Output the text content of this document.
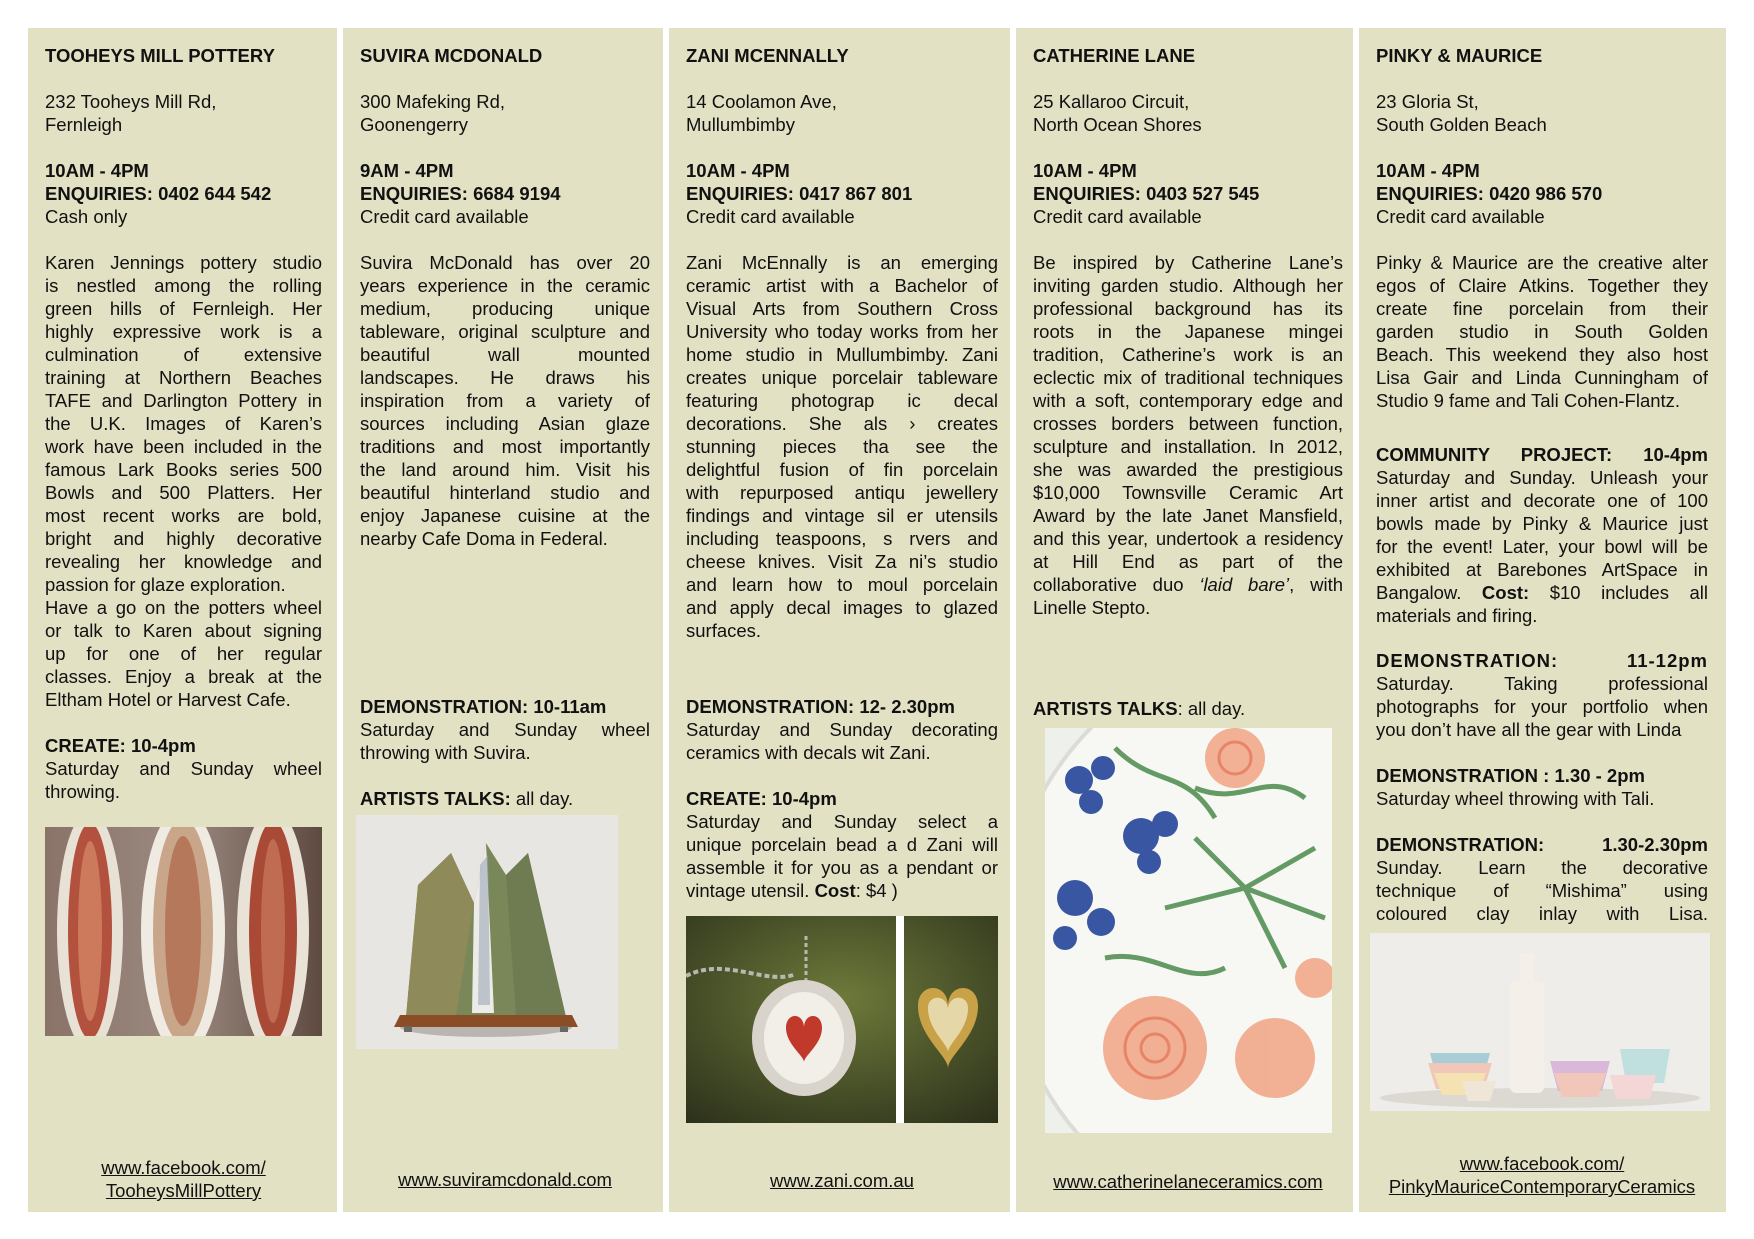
TOOHEYS MILL POTTERY
232 Tooheys Mill Rd,
Fernleigh
10AM - 4PM
ENQUIRIES: 0402 644 542
Cash only
Karen Jennings pottery studio
is nestled among the rolling
green hills of Fernleigh. Her
highly expressive work is a
culmination of extensive
training at Northern Beaches
TAFE and Darlington Pottery in
the U.K. Images of Karen’s
work have been included in the
famous Lark Books series 500
Bowls and 500 Platters. Her
most recent works are bold,
bright and highly decorative
revealing her knowledge and
passion for glaze exploration.
Have a go on the potters wheel
or talk to Karen about signing
up for one of her regular
classes. Enjoy a break at the
Eltham Hotel or Harvest Cafe.
CREATE: 10-4pm
Saturday and Sunday wheel
throwing.
www.facebook.com/
TooheysMillPottery
SUVIRA MCDONALD
300 Mafeking Rd,
Goonengerry
9AM - 4PM
ENQUIRIES: 6684 9194
Credit card available
Suvira McDonald has over 20
years experience in the ceramic
medium, producing unique
tableware, original sculpture and
beautiful wall mounted
landscapes. He draws his
inspiration from a variety of
sources including Asian glaze
traditions and most importantly
the land around him. Visit his
beautiful hinterland studio and
enjoy Japanese cuisine at the
nearby Cafe Doma in Federal.
DEMONSTRATION: 10-11am
Saturday and Sunday wheel
throwing with Suvira.
ARTISTS TALKS: all day.
www.suviramcdonald.com
ZANI MCENNALLY
14 Coolamon Ave,
Mullumbimby
10AM - 4PM
ENQUIRIES: 0417 867 801
Credit card available
Zani McEnnally is an emerging
ceramic artist with a Bachelor of
Visual Arts from Southern Cross
University who today works from her
home studio in Mullumbimby. Zani
creates unique porcelair tableware
featuring photograp ic decal
decorations. She als › creates
stunning pieces tha see the
delightful fusion of fin porcelain
with repurposed antiqu jewellery
findings and vintage sil er utensils
including teaspoons, s rvers and
cheese knives. Visit Za ni’s studio
and learn how to moul porcelain
and apply decal images to glazed
surfaces.
DEMONSTRATION: 12- 2.30pm
Saturday and Sunday decorating
ceramics with decals wit Zani.
CREATE: 10-4pm
Saturday and Sunday select a
unique porcelain bead a d Zani will
assemble it for you as a pendant or
vintage utensil. Cost: $4 )
www.zani.com.au
CATHERINE LANE
25 Kallaroo Circuit,
North Ocean Shores
10AM - 4PM
ENQUIRIES: 0403 527 545
Credit card available
Be inspired by Catherine Lane’s
inviting garden studio. Although her
professional background has its
roots in the Japanese mingei
tradition, Catherine’s work is an
eclectic mix of traditional techniques
with a soft, contemporary edge and
crosses borders between function,
sculpture and installation. In 2012,
she was awarded the prestigious
$10,000 Townsville Ceramic Art
Award by the late Janet Mansfield,
and this year, undertook a residency
at Hill End as part of the
collaborative duo ‘laid bare’, with
Linelle Stepto.
ARTISTS TALKS: all day.
www.catherinelaneceramics.com
PINKY & MAURICE
23 Gloria St,
South Golden Beach
10AM - 4PM
ENQUIRIES: 0420 986 570
Credit card available
Pinky & Maurice are the creative alter
egos of Claire Atkins. Together they
create fine porcelain from their
garden studio in South Golden
Beach. This weekend they also host
Lisa Gair and Linda Cunningham of
Studio 9 fame and Tali Cohen-Flantz.
COMMUNITY PROJECT: 10-4pm
Saturday and Sunday. Unleash your
inner artist and decorate one of 100
bowls made by Pinky & Maurice just
for the event! Later, your bowl will be
exhibited at Barebones ArtSpace in
Bangalow. Cost: $10 includes all
materials and firing.
DEMONSTRATION: 11-12pm
Saturday. Taking professional
photographs for your portfolio when
you don’t have all the gear with Linda
DEMONSTRATION : 1.30 - 2pm
Saturday wheel throwing with Tali.
DEMONSTRATION: 1.30-2.30pm
Sunday. Learn the decorative
technique of “Mishima” using
coloured clay inlay with Lisa.
www.facebook.com/
PinkyMauriceContemporaryCeramics
